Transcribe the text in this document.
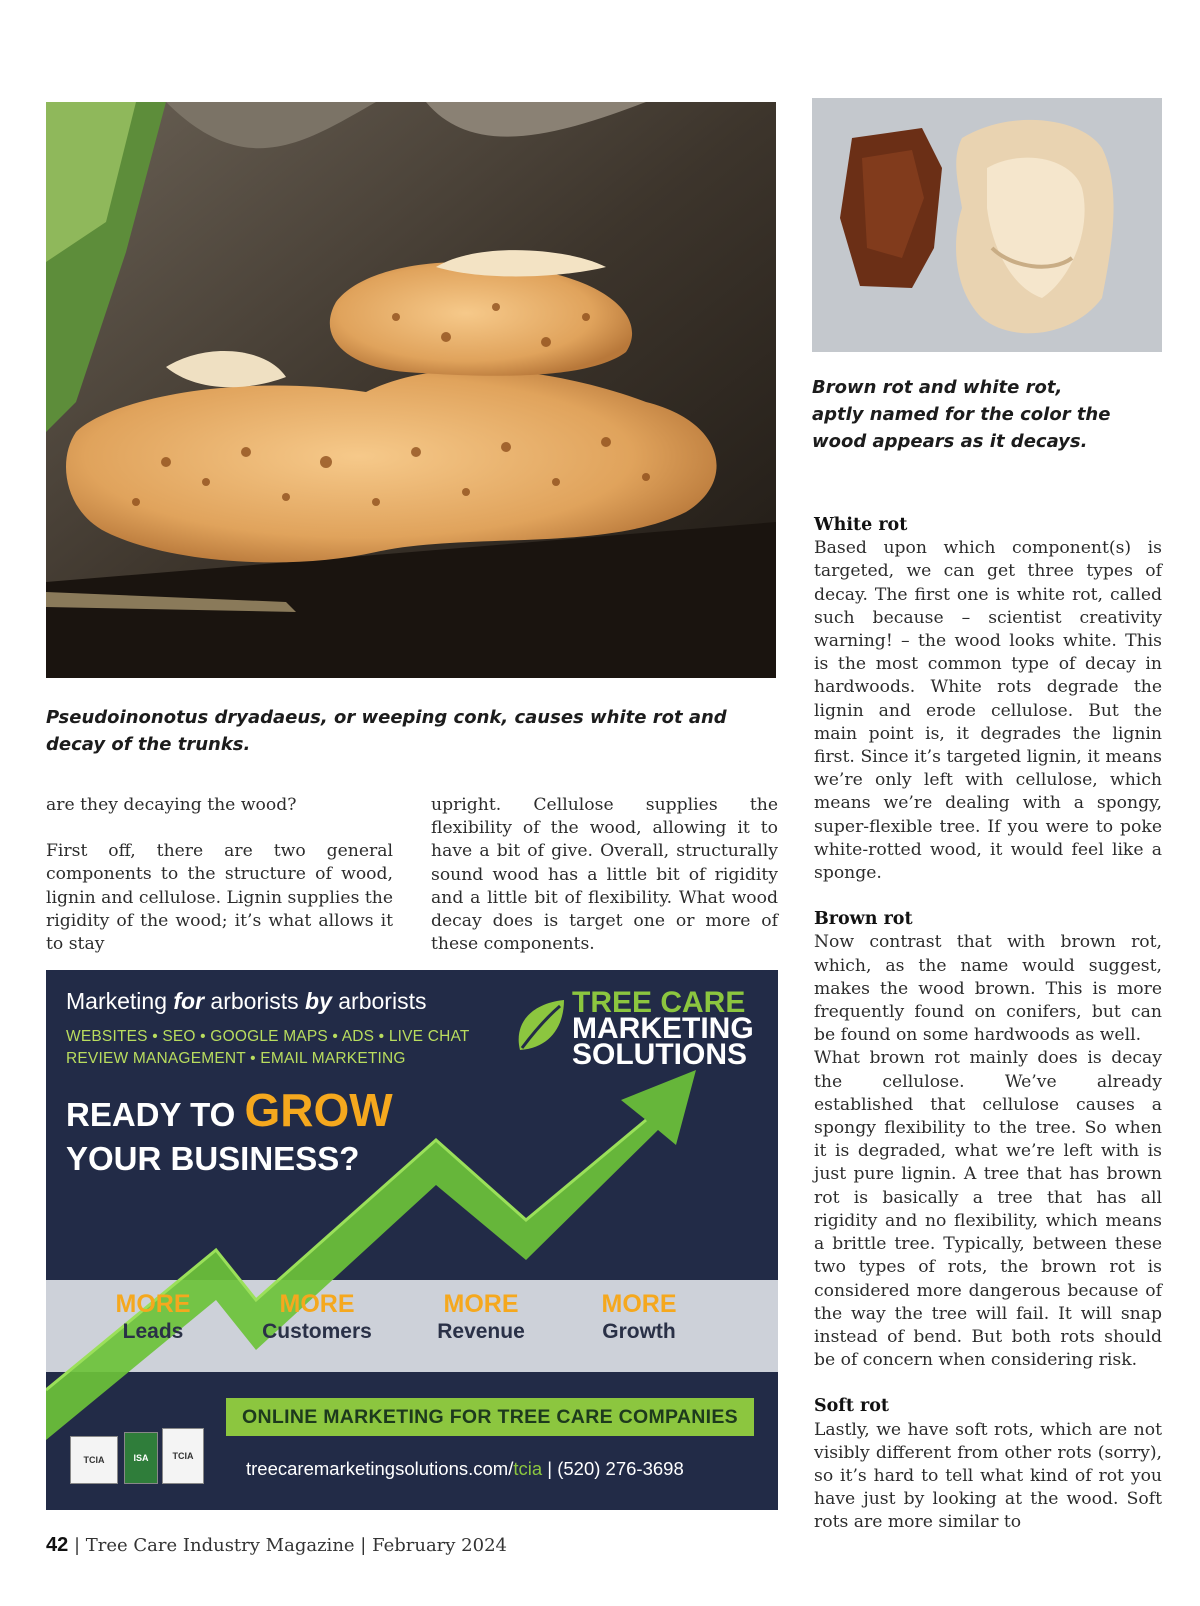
Pseudoinonotus dryadaeus, or weeping conk, causes white rot and decay of the trunks.
Brown rot and white rot, aptly named for the color the wood appears as it decays.

are they decaying the wood?

First off, there are two general components to the structure of wood, lignin and cellulose. Lignin supplies the rigidity of the wood; it’s what allows it to stay

upright. Cellulose supplies the flexibility of the wood, allowing it to have a bit of give. Overall, structurally sound wood has a little bit of rigidity and a little bit of flexibility. What wood decay does is target one or more of these components.

White rot

Based upon which component(s) is targeted, we can get three types of decay. The first one is white rot, called such because – scientist creativity warning! – the wood looks white. This is the most common type of decay in hardwoods. White rots degrade the lignin and erode cellulose. But the main point is, it degrades the lignin first. Since it’s targeted lignin, it means we’re only left with cellulose, which means we’re dealing with a spongy, super-flexible tree. If you were to poke white-rotted wood, it would feel like a sponge.

Brown rot

Now contrast that with brown rot, which, as the name would suggest, makes the wood brown. This is more frequently found on conifers, but can be found on some hardwoods as well.

What brown rot mainly does is decay the cellulose. We’ve already established that cellulose causes a spongy flexibility to the tree. So when it is degraded, what we’re left with is just pure lignin. A tree that has brown rot is basically a tree that has all rigidity and no flexibility, which means a brittle tree. Typically, between these two types of rots, the brown rot is considered more dangerous because of the way the tree will fail. It will snap instead of bend. But both rots should be of concern when considering risk.

Soft rot

Lastly, we have soft rots, which are not visibly different from other rots (sorry), so it’s hard to tell what kind of rot you have just by looking at the wood. Soft rots are more similar to

Marketing for arborists by arborists
WEBSITES • SEO • GOOGLE MAPS • ADS • LIVE CHAT
REVIEW MANAGEMENT • EMAIL MARKETING
TREE CARE
MARKETING
SOLUTIONS
READY TO GROW
YOUR BUSINESS?
MORE
Leads
MORE
Customers
MORE
Revenue
MORE
Growth
ONLINE MARKETING FOR TREE CARE COMPANIES
TCIA	ISA	TCIA
treecaremarketingsolutions.com/tcia | (520) 276-3698
42 | Tree Care Industry Magazine | February 2024
